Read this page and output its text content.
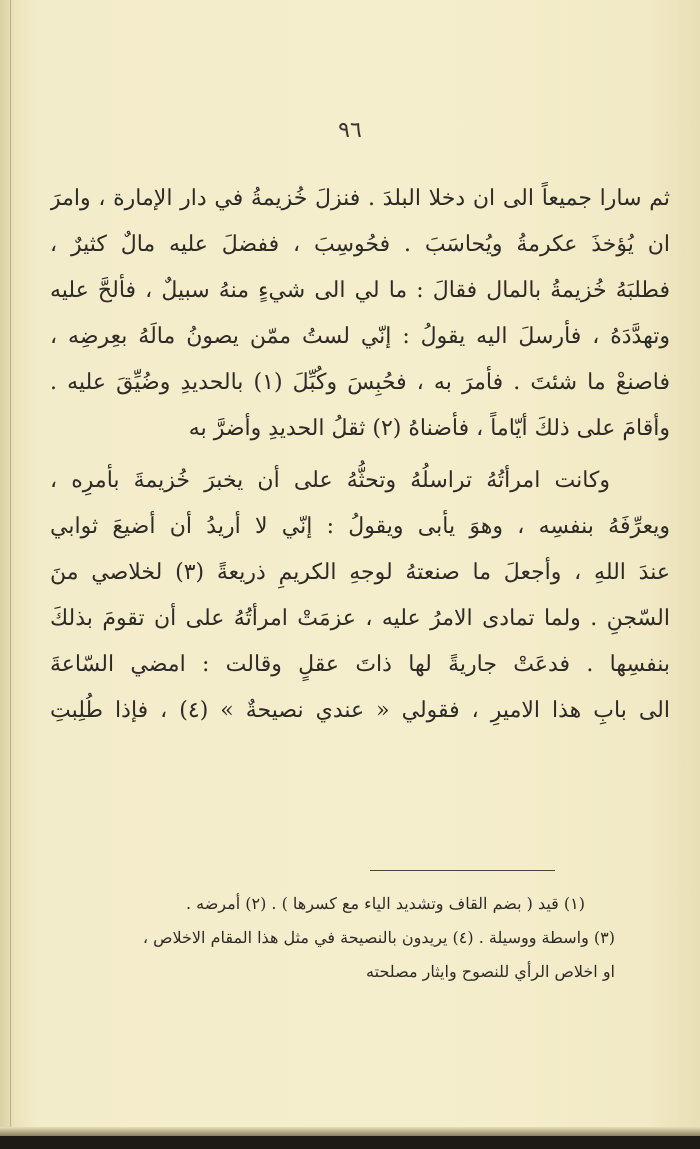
٩٦
ثم سارا جميعاً الى ان دخلا البلدَ . فنزلَ خُزيمةُ في دار الإمارة ، وامرَ
ان يُؤخذَ عكرمةُ ويُحاسَبَ . فحُوسِبَ ، ففضلَ عليه مالٌ كثيرٌ ،
فطلبَهُ خُزيمةُ بالمال فقالَ : ما لي الى شيءٍ منهُ سبيلٌ ، فألحَّ عليه
وتهدَّدَهُ ، فأرسلَ اليه يقولُ : إنّي لستُ ممّن يصونُ مالَهُ بعِرضِه ،
فاصنعْ ما شئتَ . فأمرَ به ، فحُبِسَ وكُبِّلَ (١) بالحديدِ وضُيِّقَ عليه .
وأقامَ على ذلكَ أيّاماً ، فأضناهُ (٢) ثقلُ الحديدِ وأضرَّ به
وكانت امرأتُهُ تراسلُهُ وتحثُّهُ على أن يخبرَ خُزيمةَ بأمرِه ،
ويعرِّفَهُ بنفسِه ، وهوَ يأبى ويقولُ : إنّي لا أريدُ أن أضيعَ ثوابي
عندَ اللهِ ، وأجعلَ ما صنعتهُ لوجهِ الكريمِ ذريعةً (٣) لخلاصي منَ
السّجنِ . ولما تمادى الامرُ عليه ، عزمَتْ امرأتُهُ على أن تقومَ بذلكَ
بنفسِها . فدعَتْ جاريةً لها ذاتَ عقلٍ وقالت : امضي السّاعةَ
الى بابِ هذا الاميرِ ، فقولي « عندي نصيحةٌ » (٤) ، فإذا طُلِبتِ
(١) قيد ( بضم القاف وتشديد الياء مع كسرها ) . (٢) أمرضه .
(٣) واسطة ووسيلة . (٤) يريدون بالنصيحة في مثل هذا المقام الاخلاص ،
او اخلاص الرأي للنصوح وايثار مصلحته
